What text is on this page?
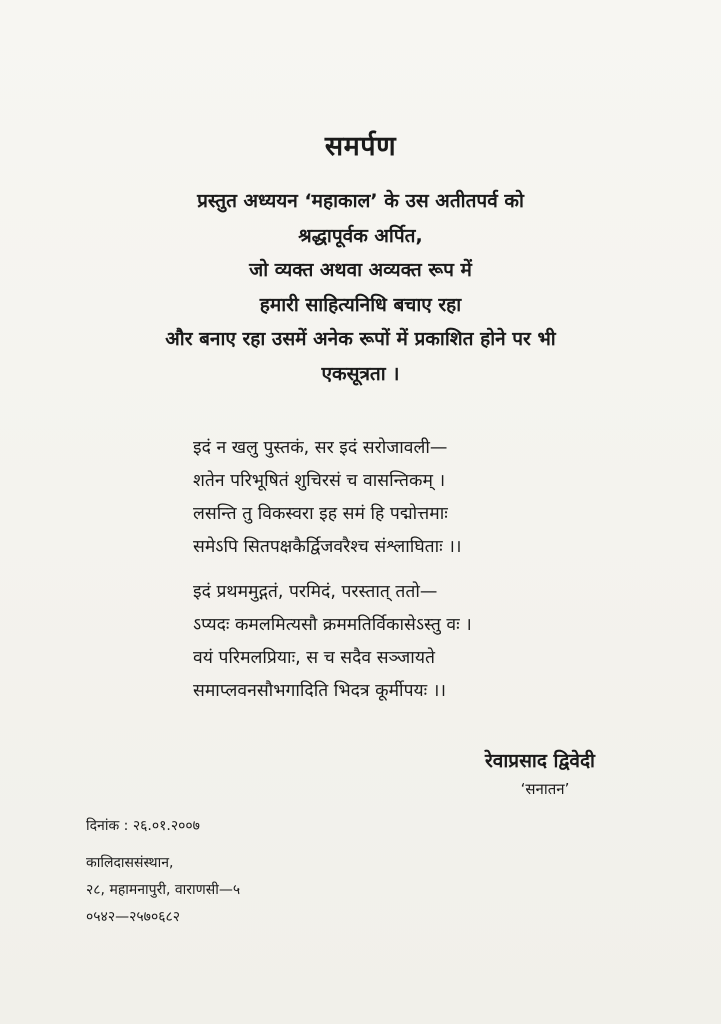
समर्पण
प्रस्तुत अध्ययन ‘महाकाल’ के उस अतीतपर्व को
श्रद्धापूर्वक अर्पित,
जो व्यक्त अथवा अव्यक्त रूप में
हमारी साहित्यनिधि बचाए रहा
और बनाए रहा उसमें अनेक रूपों में प्रकाशित होने पर भी
एकसूत्रता ।
इदं न खलु पुस्तकं, सर इदं सरोजावली—
शतेन परिभूषितं शुचिरसं च वासन्तिकम् ।
लसन्ति तु विकस्वरा इह समं हि पद्मोत्तमाः
समेऽपि सितपक्षकैर्द्विजवरैश्च संश्लाघिताः ।।
इदं प्रथममुद्गतं, परमिदं, परस्तात् ततो—
ऽप्यदः कमलमित्यसौ क्रममतिर्विकासेऽस्तु वः ।
वयं परिमलप्रियाः, स च सदैव सञ्जायते
समाप्लवनसौभगादिति भिदत्र कूर्मीपयः ।।
रेवाप्रसाद द्विवेदी
‘सनातन’
दिनांक : २६.०१.२००७
कालिदाससंस्थान,
२८, महामनापुरी, वाराणसी—५
०५४२—२५७०६८२
